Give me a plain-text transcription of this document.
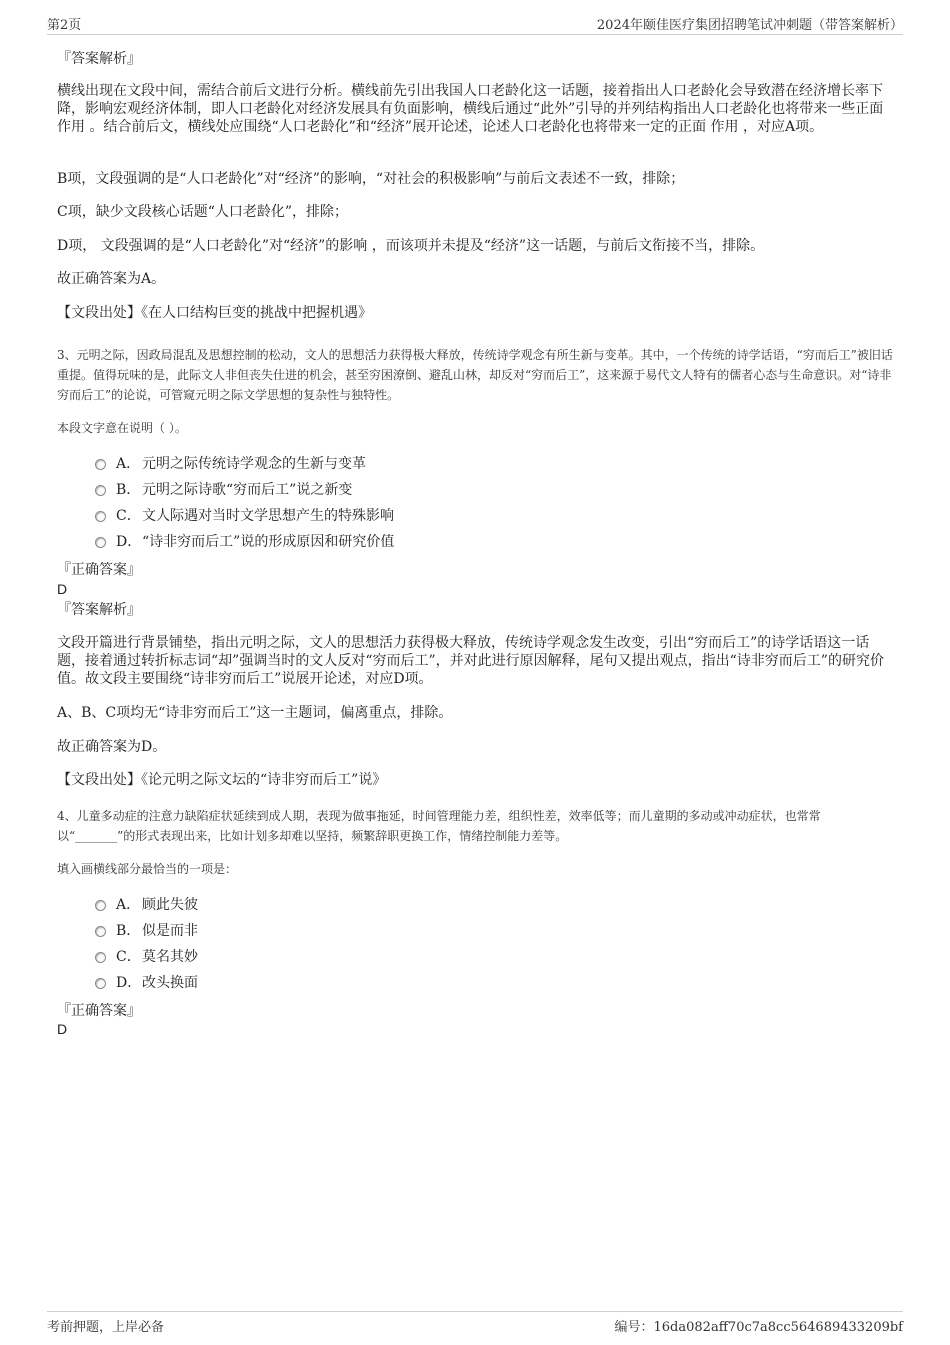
第2页	2024年颐佳医疗集团招聘笔试冲刺题（带答案解析）
『答案解析』
横线出现在文段中间，需结合前后文进行分析。横线前先引出我国人口老龄化这一话题，接着指出人口老龄化会导致潜在经济增长率下降，影响宏观经济体制，即人口老龄化对经济发展具有负面影响，横线后通过“此外”引导的并列结构指出人口老龄化也将带来一些正面 作用 。结合前后文，横线处应围绕“人口老龄化”和“经济”展开论述，论述人口老龄化也将带来一定的正面 作用 ，对应A项。
B项，文段强调的是“人口老龄化”对“经济”的影响，“对社会的积极影响”与前后文表述不一致，排除；
C项，缺少文段核心话题“人口老龄化”，排除；
D项， 文段强调的是“人口老龄化”对“经济”的影响 ，而该项并未提及“经济”这一话题，与前后文衔接不当，排除。
故正确答案为A。
【文段出处】《在人口结构巨变的挑战中把握机遇》
3、元明之际，因政局混乱及思想控制的松动，文人的思想活力获得极大释放，传统诗学观念有所生新与变革。其中，一个传统的诗学话语，“穷而后工”被旧话重提。值得玩味的是，此际文人非但丧失仕进的机会，甚至穷困潦倒、避乱山林，却反对“穷而后工”，这来源于易代文人特有的儒者心态与生命意识。对“诗非穷而后工”的论说，可管窥元明之际文学思想的复杂性与独特性。
本段文字意在说明（ ）。
A． 元明之际传统诗学观念的生新与变革
B． 元明之际诗歌“穷而后工”说之新变
C． 文人际遇对当时文学思想产生的特殊影响
D． “诗非穷而后工”说的形成原因和研究价值
『正确答案』
D
『答案解析』
文段开篇进行背景铺垫，指出元明之际，文人的思想活力获得极大释放，传统诗学观念发生改变，引出“穷而后工”的诗学话语这一话题，接着通过转折标志词“却”强调当时的文人反对“穷而后工”，并对此进行原因解释，尾句又提出观点，指出“诗非穷而后工”的研究价值。故文段主要围绕“诗非穷而后工”说展开论述，对应D项。
A、B、C项均无“诗非穷而后工”这一主题词，偏离重点，排除。
故正确答案为D。
【文段出处】《论元明之际文坛的“诗非穷而后工”说》
4、儿童多动症的注意力缺陷症状延续到成人期，表现为做事拖延，时间管理能力差，组织性差，效率低等；而儿童期的多动或冲动症状，也常常以“_______”的形式表现出来，比如计划多却难以坚持，频繁辞职更换工作，情绪控制能力差等。
填入画横线部分最恰当的一项是：
A． 顾此失彼
B． 似是而非
C． 莫名其妙
D． 改头换面
『正确答案』
D
考前押题，上岸必备	编号：16da082aff70c7a8cc564689433209bf
